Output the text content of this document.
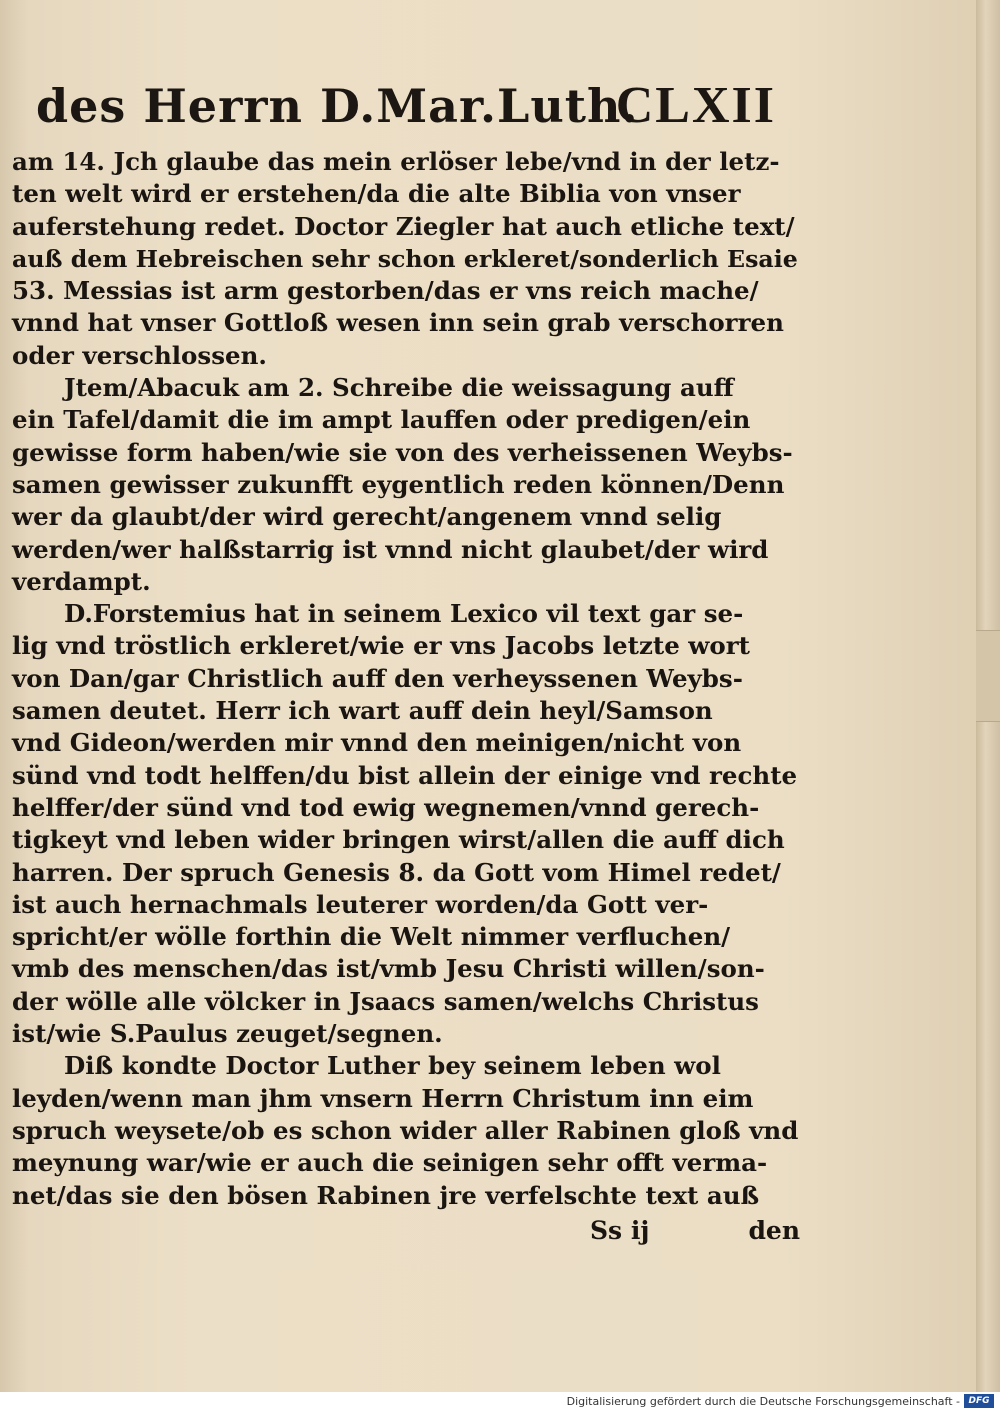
des Herrn D.Mar.Luth.
CLXII
am 14. Jch glaube das mein erlöser lebe/vnd in der letz-
ten welt wird er erstehen/da die alte Biblia von vnser
auferstehung redet. Doctor Ziegler hat auch etliche text/
auß dem Hebreischen sehr schon erkleret/sonderlich Esaie
53. Messias ist arm gestorben/das er vns reich mache/
vnnd hat vnser Gottloß wesen inn sein grab verschorren
oder verschlossen.
Jtem/Abacuk am 2. Schreibe die weissagung auff
ein Tafel/damit die im ampt lauffen oder predigen/ein
gewisse form haben/wie sie von des verheissenen Weybs-
samen gewisser zukunfft eygentlich reden können/Denn
wer da glaubt/der wird gerecht/angenem vnnd selig
werden/wer halßstarrig ist vnnd nicht glaubet/der wird
verdampt.
D.Forstemius hat in seinem Lexico vil text gar se-
lig vnd tröstlich erkleret/wie er vns Jacobs letzte wort
von Dan/gar Christlich auff den verheyssenen Weybs-
samen deutet. Herr ich wart auff dein heyl/Samson
vnd Gideon/werden mir vnnd den meinigen/nicht von
sünd vnd todt helffen/du bist allein der einige vnd rechte
helffer/der sünd vnd tod ewig wegnemen/vnnd gerech-
tigkeyt vnd leben wider bringen wirst/allen die auff dich
harren. Der spruch Genesis 8. da Gott vom Himel redet/
ist auch hernachmals leuterer worden/da Gott ver-
spricht/er wölle forthin die Welt nimmer verfluchen/
vmb des menschen/das ist/vmb Jesu Christi willen/son-
der wölle alle völcker in Jsaacs samen/welchs Christus
ist/wie S.Paulus zeuget/segnen.
Diß kondte Doctor Luther bey seinem leben wol
leyden/wenn man jhm vnsern Herrn Christum inn eim
spruch weysete/ob es schon wider aller Rabinen gloß vnd
meynung war/wie er auch die seinigen sehr offt verma-
net/das sie den bösen Rabinen jre verfelschte text auß
Ss ij	den
Digitalisierung gefördert durch die Deutsche Forschungsgemeinschaft - DFG
